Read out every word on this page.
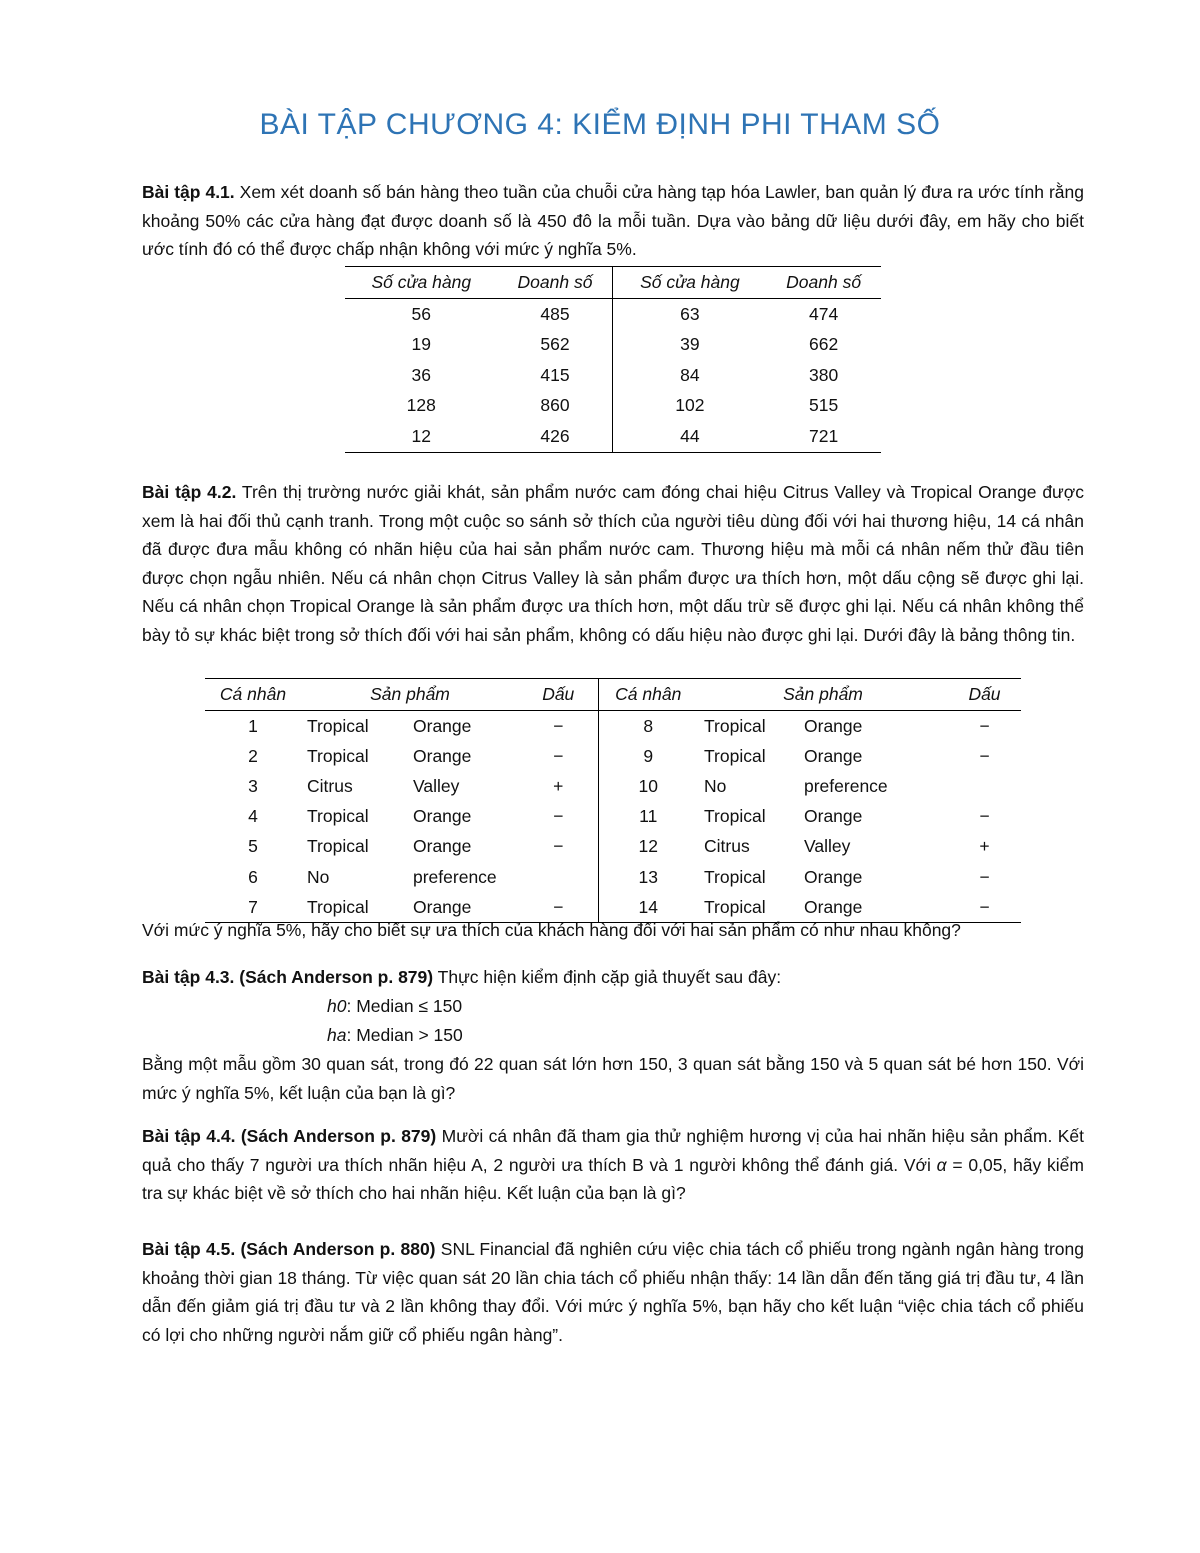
BÀI TẬP CHƯƠNG 4: KIỂM ĐỊNH PHI THAM SỐ

Bài tập 4.1. Xem xét doanh số bán hàng theo tuần của chuỗi cửa hàng tạp hóa Lawler, ban quản lý đưa ra ước tính rằng khoảng 50% các cửa hàng đạt được doanh số là 450 đô la mỗi tuần. Dựa vào bảng dữ liệu dưới đây, em hãy cho biết ước tính đó có thể được chấp nhận không với mức ý nghĩa 5%.

Số cửa hàng	Doanh số	Số cửa hàng	Doanh số
56	485	63	474
19	562	39	662
36	415	84	380
128	860	102	515
12	426	44	721

Bài tập 4.2. Trên thị trường nước giải khát, sản phẩm nước cam đóng chai hiệu Citrus Valley và Tropical Orange được xem là hai đối thủ cạnh tranh. Trong một cuộc so sánh sở thích của người tiêu dùng đối với hai thương hiệu, 14 cá nhân đã được đưa mẫu không có nhãn hiệu của hai sản phẩm nước cam. Thương hiệu mà mỗi cá nhân nếm thử đầu tiên được chọn ngẫu nhiên. Nếu cá nhân chọn Citrus Valley là sản phẩm được ưa thích hơn, một dấu cộng sẽ được ghi lại. Nếu cá nhân chọn Tropical Orange là sản phẩm được ưa thích hơn, một dấu trừ sẽ được ghi lại. Nếu cá nhân không thể bày tỏ sự khác biệt trong sở thích đối với hai sản phẩm, không có dấu hiệu nào được ghi lại. Dưới đây là bảng thông tin.

Cá nhân	Sản phẩm		Dấu	Cá nhân	Sản phẩm		Dấu
1	Tropical	Orange	−	8	Tropical	Orange	−
2	Tropical	Orange	−	9	Tropical	Orange	−
3	Citrus	Valley	+	10	No	preference	
4	Tropical	Orange	−	11	Tropical	Orange	−
5	Tropical	Orange	−	12	Citrus	Valley	+
6	No	preference		13	Tropical	Orange	−
7	Tropical	Orange	−	14	Tropical	Orange	−
Với mức ý nghĩa 5%, hãy cho biết sự ưa thích của khách hàng đối với hai sản phẩm có như nhau không?
Bài tập 4.3. (Sách Anderson p. 879) Thực hiện kiểm định cặp giả thuyết sau đây:
h0: Median ≤ 150
ha: Median > 150

Bằng một mẫu gồm 30 quan sát, trong đó 22 quan sát lớn hơn 150, 3 quan sát bằng 150 và 5 quan sát bé hơn 150. Với mức ý nghĩa 5%, kết luận của bạn là gì?

Bài tập 4.4. (Sách Anderson p. 879) Mười cá nhân đã tham gia thử nghiệm hương vị của hai nhãn hiệu sản phẩm. Kết quả cho thấy 7 người ưa thích nhãn hiệu A, 2 người ưa thích B và 1 người không thể đánh giá. Với α = 0,05, hãy kiểm tra sự khác biệt về sở thích cho hai nhãn hiệu. Kết luận của bạn là gì?

Bài tập 4.5. (Sách Anderson p. 880) SNL Financial đã nghiên cứu việc chia tách cổ phiếu trong ngành ngân hàng trong khoảng thời gian 18 tháng. Từ việc quan sát 20 lần chia tách cổ phiếu nhận thấy: 14 lần dẫn đến tăng giá trị đầu tư, 4 lần dẫn đến giảm giá trị đầu tư và 2 lần không thay đổi. Với mức ý nghĩa 5%, bạn hãy cho kết luận “việc chia tách cổ phiếu có lợi cho những người nắm giữ cổ phiếu ngân hàng”.
